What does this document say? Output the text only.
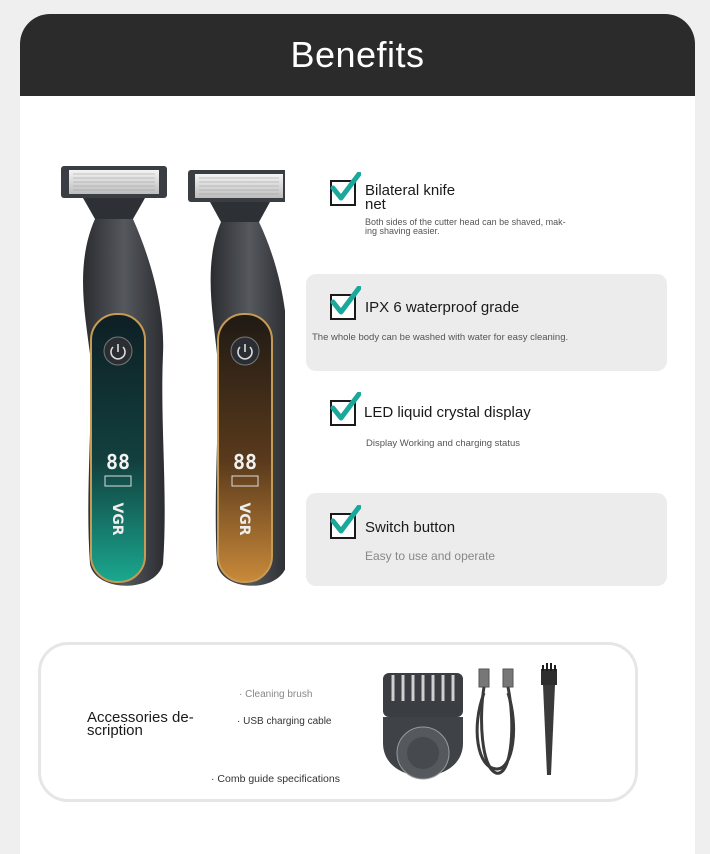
Benefits
88
VGR
88
VGR
Bilateral knife
net
Both sides of the cutter head can be shaved, mak-
ing shaving easier.
IPX 6 waterproof grade
The whole body can be washed with water for easy cleaning.
LED liquid crystal display
Display Working and charging status
Switch button
Easy to use and operate
Accessories de-
scription
· Cleaning brush
· USB charging cable
· Comb guide specifications
